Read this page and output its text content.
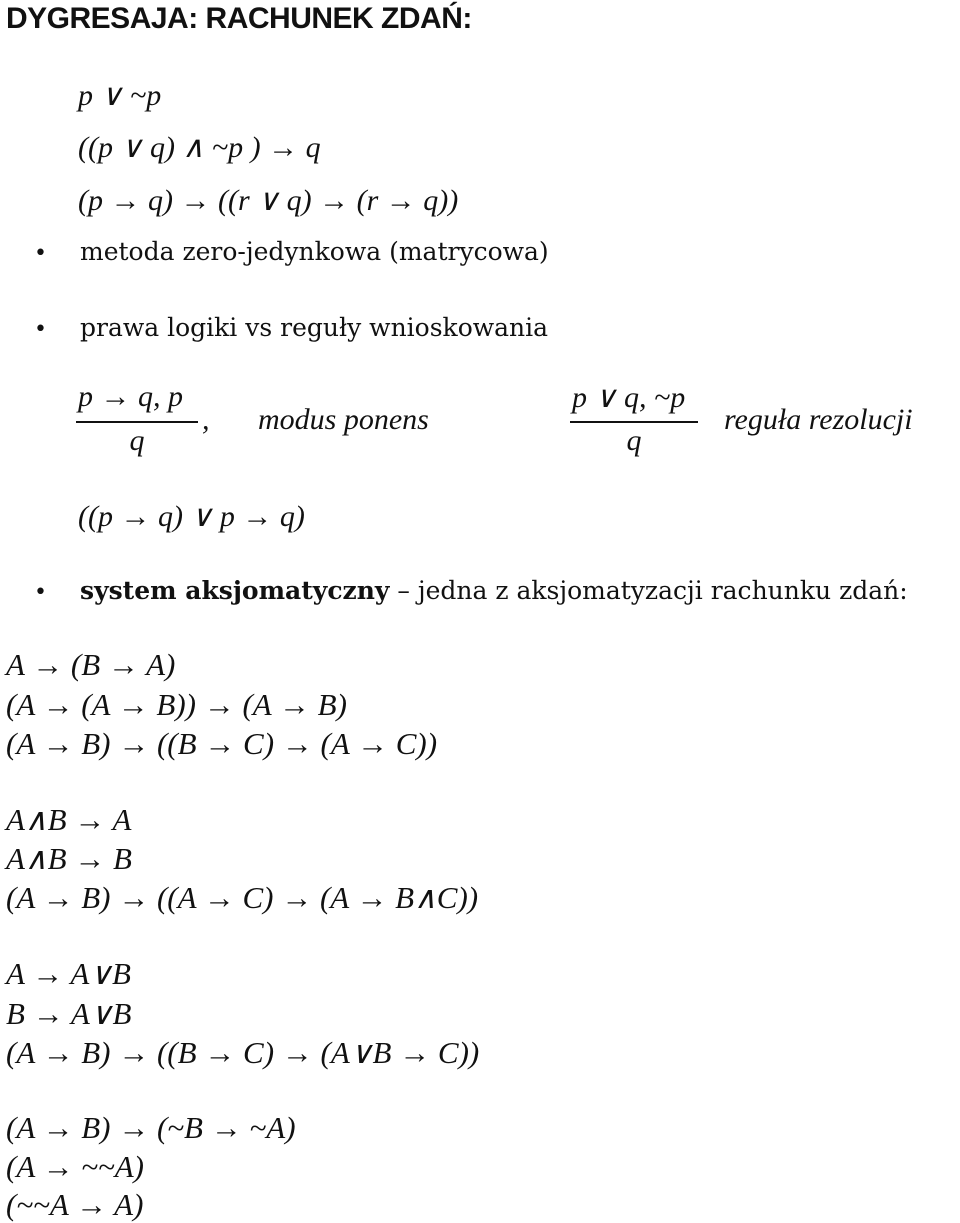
DYGRESAJA: RACHUNEK ZDAŃ:
p ∨ ~p
((p ∨ q) ∧ ~p ) → q
(p → q) → ((r ∨ q) → (r → q))
• metoda zero-jedynkowa (matrycowa)
• prawa logiki vs reguły wnioskowania
p → q, p
q
, modus ponens
p ∨ q, ~p
q
reguła rezolucji
((p → q) ∨ p → q)
• system aksjomatyczny – jedna z aksjomatyzacji rachunku zdań:
A → (B → A)
(A → (A → B)) → (A → B)
(A → B) → ((B → C) → (A → C))
A∧B → A
A∧B → B
(A → B) → ((A → C) → (A → B∧C))
A → A∨B
B → A∨B
(A → B) → ((B → C) → (A∨B → C))
(A → B) → (~B → ~A)
(A → ~~A)
(~~A → A)
